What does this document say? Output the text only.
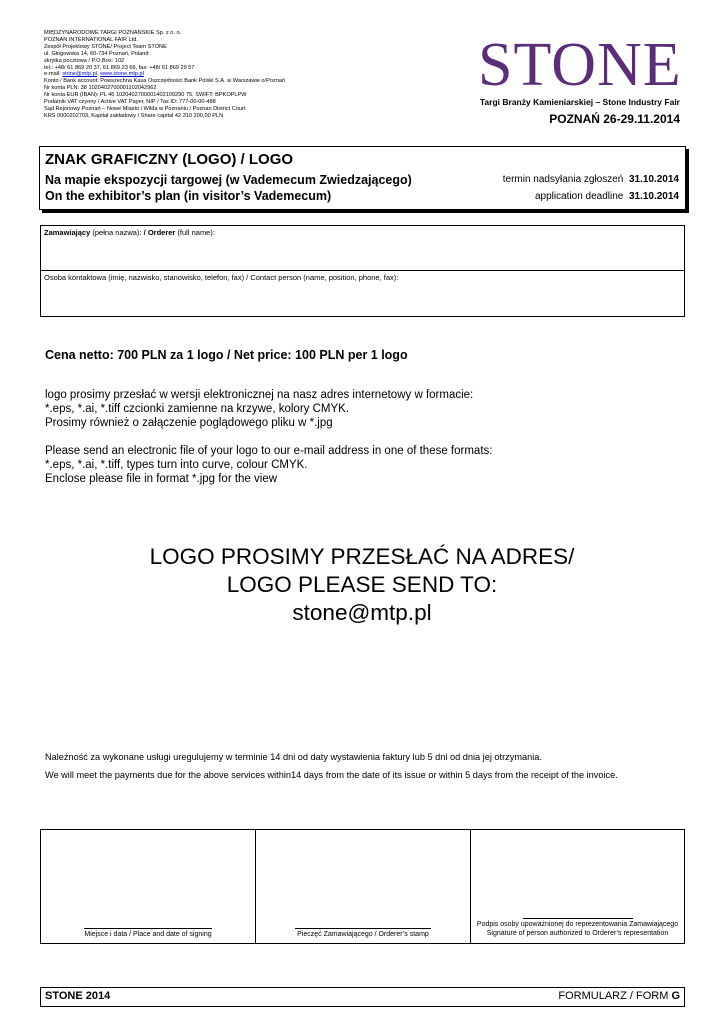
MIĘDZYNARODOWE TARGI POZNAŃSKIE Sp. z o. o.
POZNAN INTERNATIONAL FAIR Ltd.
Zespół Projektowy STONE/ Project Team STONE
ul. Głogowska 14, 60-734 Poznań, Poland
skrytka pocztowa / P.O.Box: 102
tel.: +48/ 61 869 20 37, 61 869 23 66, fax: +48/ 61 869 29 57
e-mail: stone@mtp.pl, www.stone.mtp.pl
Konto / Bank account: Powszechna Kasa Oszczędności Bank Polski S.A. w Warszawie o/Poznań
Nr konta PLN: 38 1020402700001102042962
Nr konta EUR (IBAN): PL 46 1020402700001402109290 75, SWIFT: BPKOPLPW
Podatnik VAT czynny / Active VAT Payer, NIP / Tax ID: 777-00-00-488
Sąd Rejonowy Poznań – Nowe Miasto i Wilda w Poznaniu / Poznan District Court
KRS 0000202703, Kapitał zakładowy / Share capital 42 310 200,00 PLN
STONE
Targi Branży Kamieniarskiej – Stone Industry Fair
POZNAŃ 26-29.11.2014
ZNAK GRAFICZNY (LOGO) / LOGO
Na mapie ekspozycji targowej (w Vademecum Zwiedzającego)
On the exhibitor’s plan (in visitor’s Vademecum)
termin nadsyłania zgłoszeń 31.10.2014
application deadline 31.10.2014
Zamawiający (pełna nazwa): / Orderer (full name):
Osoba kontaktowa (imię, nazwisko, stanowisko, telefon, fax) / Contact person (name, position, phone, fax):
Cena netto: 700 PLN za 1 logo / Net price: 100 PLN per 1 logo
logo prosimy przesłać w wersji elektronicznej na nasz adres internetowy w formacie:
*.eps, *.ai, *.tiff czcionki zamienne na krzywe, kolory CMYK.
Prosimy również o załączenie poglądowego pliku w *.jpg
Please send an electronic file of your logo to our e-mail address in one of these formats:
*.eps, *.ai, *.tiff, types turn into curve, colour CMYK.
Enclose please file in format *.jpg for the view
LOGO PROSIMY PRZESŁAĆ NA ADRES/
LOGO PLEASE SEND TO:
stone@mtp.pl
Należność za wykonane usługi uregulujemy w terminie 14 dni od daty wystawienia faktury lub 5 dni od dnia jej otrzymania.
We will meet the payments due for the above services within14 days from the date of its issue or within 5 days from the receipt of the invoice.
Miejsce i data / Place and date of signing	Pieczęć Zamawiającego / Orderer’s stamp
Podpis osoby upoważnionej do reprezentowania Zamawiającego
Signature of person authorized to Orderer’s representation
STONE 2014	FORMULARZ / FORM G
